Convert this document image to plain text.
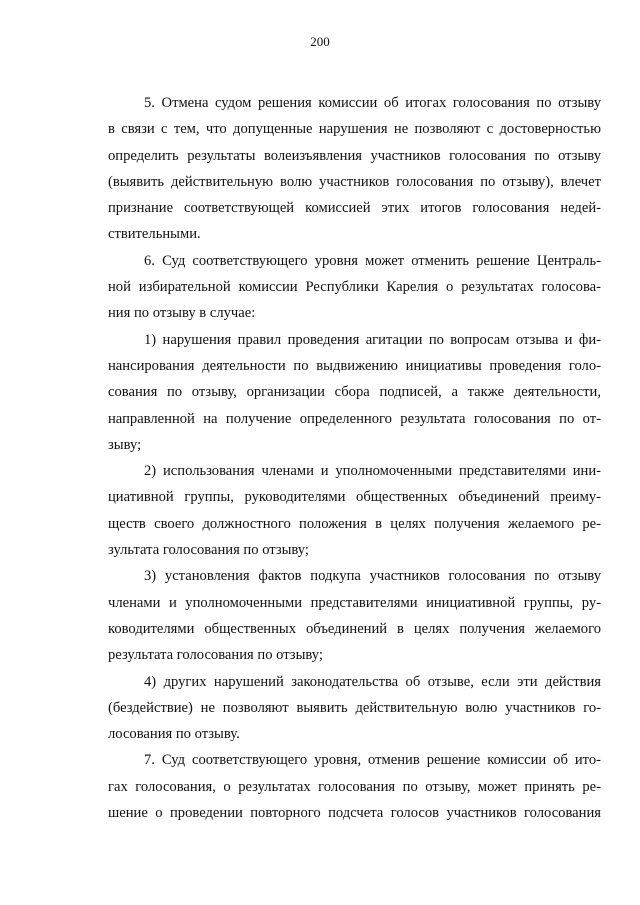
200

5. Отмена судом решения комиссии об итогах голосования по отзыву
в связи с тем, что допущенные нарушения не позволяют с достоверностью
определить результаты волеизъявления участников голосования по отзыву
(выявить действительную волю участников голосования по отзыву), влечет
признание соответствующей комиссией этих итогов голосования недей-
ствительными.

6. Суд соответствующего уровня может отменить решение Централь-
ной избирательной комиссии Республики Карелия о результатах голосова-
ния по отзыву в случае:

1) нарушения правил проведения агитации по вопросам отзыва и фи-
нансирования деятельности по выдвижению инициативы проведения голо-
сования по отзыву, организации сбора подписей, а также деятельности,
направленной на получение определенного результата голосования по от-
зыву;

2) использования членами и уполномоченными представителями ини-
циативной группы, руководителями общественных объединений преиму-
ществ своего должностного положения в целях получения желаемого ре-
зультата голосования по отзыву;

3) установления фактов подкупа участников голосования по отзыву
членами и уполномоченными представителями инициативной группы, ру-
ководителями общественных объединений в целях получения желаемого
результата голосования по отзыву;

4) других нарушений законодательства об отзыве, если эти действия
(бездействие) не позволяют выявить действительную волю участников го-
лосования по отзыву.

7. Суд соответствующего уровня, отменив решение комиссии об ито-
гах голосования, о результатах голосования по отзыву, может принять ре-
шение о проведении повторного подсчета голосов участников голосования
